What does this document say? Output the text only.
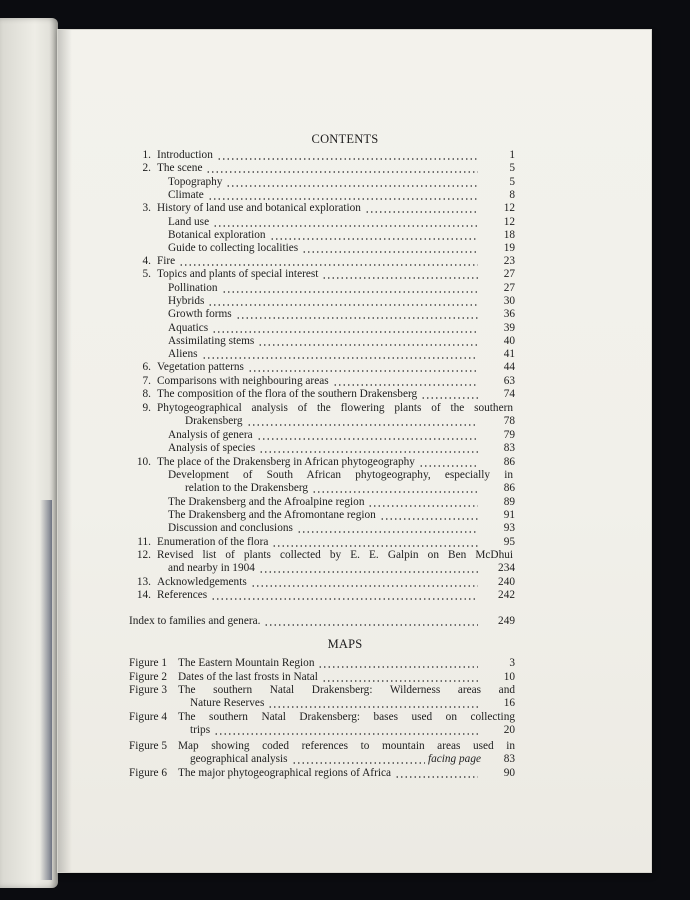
CONTENTS
MAPS
1. Introduction	1
2. The scene	5
Topography	5
Climate	8
3. History of land use and botanical exploration	12
Land use	12
Botanical exploration	18
Guide to collecting localities	19
4. Fire	23
5. Topics and plants of special interest	27
Pollination	27
Hybrids	30
Growth forms	36
Aquatics	39
Assimilating stems	40
Aliens	41
6. Vegetation patterns	44
7. Comparisons with neighbouring areas	63
8. The composition of the flora of the southern Drakensberg	74
9. Phytogeographical analysis of the flowering plants of the southern
Drakensberg	78
Analysis of genera	79
Analysis of species	83
10. The place of the Drakensberg in African phytogeography	86
Development of South African phytogeography, especially in
relation to the Drakensberg	86
The Drakensberg and the Afroalpine region	89
The Drakensberg and the Afromontane region	91
Discussion and conclusions	93
11. Enumeration of the flora	95
12. Revised list of plants collected by E. E. Galpin on Ben McDhui
and nearby in 1904	234
13. Acknowledgements	240
14. References	242
Index to families and genera.	249
Figure 1 The Eastern Mountain Region	3
Figure 2 Dates of the last frosts in Natal	10
Figure 3 The southern Natal Drakensberg: Wilderness areas and
Nature Reserves	16
Figure 4 The southern Natal Drakensberg: bases used on collecting
trips	20
Figure 5 Map showing coded references to mountain areas used in
geographical analysis	facing page	83
Figure 6 The major phytogeographical regions of Africa	90
